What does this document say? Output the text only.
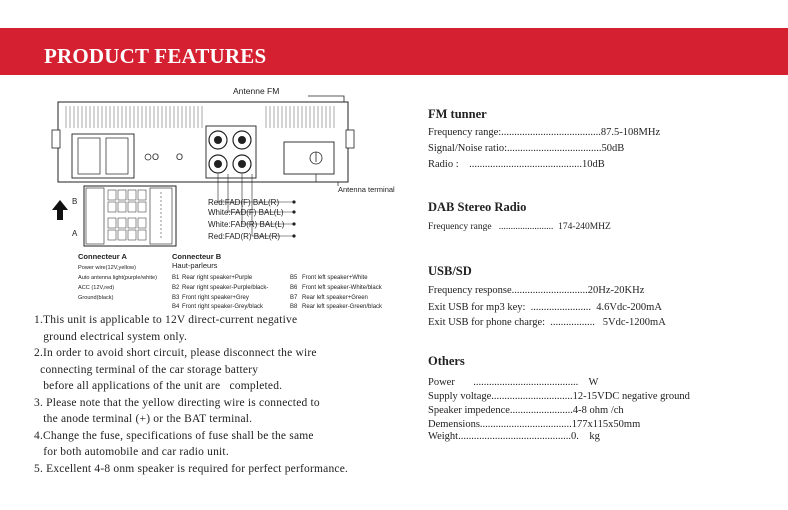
PRODUCT FEATURES
Antenne FM
O O
Antenna terminal
Red:FAD(F) BAL(R)
White:FAD(F) BAL(L)
White:FAD(R) BAL(L)
Red:FAD(R) BAL(R)
B
A
Connecteur A
Power wire(12V,yellow)
Auto antenna light(purple/white)
ACC (12V,red)
Ground(black)
Connecteur B
Haut-parleurs
B1 Rear right speaker+Purple
B2 Rear right speaker-Purple/black-
B3 Front right speaker+Grey
B4 Front right speaker-Grey/black
B5 Front left speaker+White
B6 Front left speaker-White/black
B7 Rear left speaker+Green
B8 Rear left speaker-Green/black
1.This unit is applicable to 12V direct-current negative
ground electrical system only.
2.In order to avoid short circuit, please disconnect the wire
connecting terminal of the car storage battery
before all applications of the unit are   completed.
3. Please note that the yellow directing wire is connected to
the anode terminal (+) or the BAT terminal.
4.Change the fuse, specifications of fuse shall be the same
for both automobile and car radio unit.
5. Excellent 4-8 onm speaker is required for perfect performance.
FM tunner
Frequency range:......................................87.5-108MHz
Signal/Noise ratio:....................................50dB
Radio :    ...........................................10dB
DAB Stereo Radio
Frequency range   .......................  174-240MHZ
USB/SD
Frequency response.............................20Hz-20KHz
Exit USB for mp3 key:  .......................  4.6Vdc-200mA
Exit USB for phone charge:  .................   5Vdc-1200mA
Others
Power       ........................................    W
Supply voltage...............................12-15VDC negative ground
Speaker impedence........................4-8 ohm /ch
Demensions...................................177x115x50mm
Weight...........................................0.    kg
